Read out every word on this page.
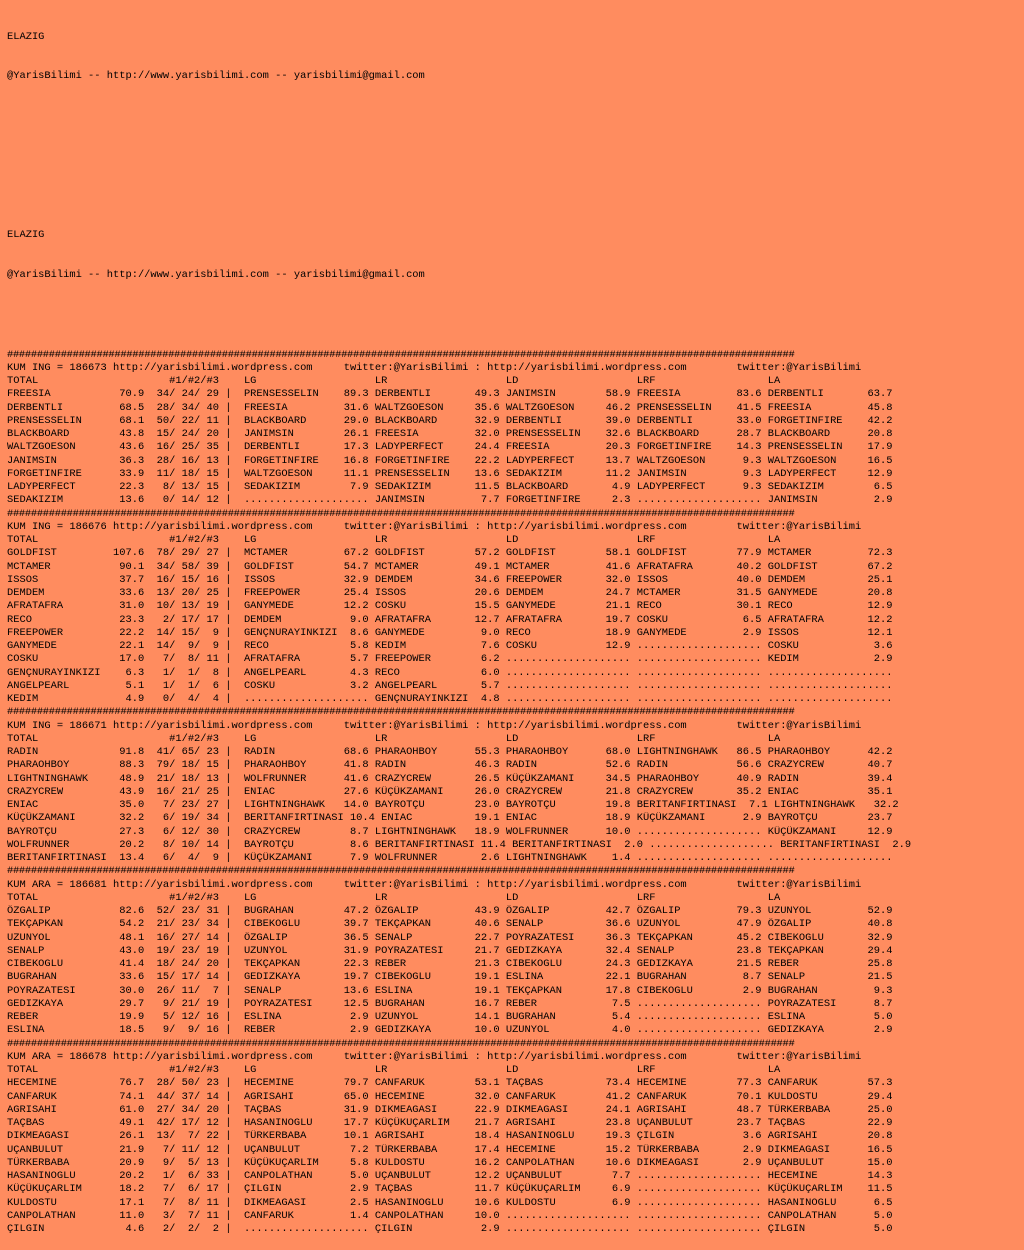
ELAZIG

@YarisBilimi -- http://www.yarisbilimi.com -- yarisbilimi@gmail.com

ELAZIG

@YarisBilimi -- http://www.yarisbilimi.com -- yarisbilimi@gmail.com

####################################################################################################################################
KUM ING = 186673 http://yarisbilimi.wordpress.com     twitter:@YarisBilimi : http://yarisbilimi.wordpress.com        twitter:@YarisBilimi
TOTAL                     #1/#2/#3    LG                   LR                   LD                   LRF                  LA
FREESIA           70.9  34/ 24/ 29 |  PRENSESSELIN    89.3 DERBENTLI       49.3 JANIMSIN        58.9 FREESIA         83.6 DERBENTLI       63.7
DERBENTLI         68.5  28/ 34/ 40 |  FREESIA         31.6 WALTZGOESON     35.6 WALTZGOESON     46.2 PRENSESSELIN    41.5 FREESIA         45.8
PRENSESSELIN      68.1  50/ 22/ 11 |  BLACKBOARD      29.0 BLACKBOARD      32.9 DERBENTLI       39.0 DERBENTLI       33.0 FORGETINFIRE    42.2
BLACKBOARD        43.8  15/ 24/ 20 |  JANIMSIN        26.1 FREESIA         32.0 PRENSESSELIN    32.6 BLACKBOARD      28.7 BLACKBOARD      20.8
WALTZGOESON       43.6  16/ 25/ 35 |  DERBENTLI       17.3 LADYPERFECT     24.4 FREESIA         20.3 FORGETINFIRE    14.3 PRENSESSELIN    17.9
JANIMSIN          36.3  28/ 16/ 13 |  FORGETINFIRE    16.8 FORGETINFIRE    22.2 LADYPERFECT     13.7 WALTZGOESON      9.3 WALTZGOESON     16.5
FORGETINFIRE      33.9  11/ 18/ 15 |  WALTZGOESON     11.1 PRENSESSELIN    13.6 SEDAKIZIM       11.2 JANIMSIN         9.3 LADYPERFECT     12.9
LADYPERFECT       22.3   8/ 13/ 15 |  SEDAKIZIM        7.9 SEDAKIZIM       11.5 BLACKBOARD       4.9 LADYPERFECT      9.3 SEDAKIZIM        6.5
SEDAKIZIM         13.6   0/ 14/ 12 |  .................... JANIMSIN         7.7 FORGETINFIRE     2.3 .................... JANIMSIN         2.9
####################################################################################################################################
KUM ING = 186676 http://yarisbilimi.wordpress.com     twitter:@YarisBilimi : http://yarisbilimi.wordpress.com        twitter:@YarisBilimi
TOTAL                     #1/#2/#3    LG                   LR                   LD                   LRF                  LA
GOLDFIST         107.6  78/ 29/ 27 |  MCTAMER         67.2 GOLDFIST        57.2 GOLDFIST        58.1 GOLDFIST        77.9 MCTAMER         72.3
MCTAMER           90.1  34/ 58/ 39 |  GOLDFIST        54.7 MCTAMER         49.1 MCTAMER         41.6 AFRATAFRA       40.2 GOLDFIST        67.2
ISSOS             37.7  16/ 15/ 16 |  ISSOS           32.9 DEMDEM          34.6 FREEPOWER       32.0 ISSOS           40.0 DEMDEM          25.1
DEMDEM            33.6  13/ 20/ 25 |  FREEPOWER       25.4 ISSOS           20.6 DEMDEM          24.7 MCTAMER         31.5 GANYMEDE        20.8
AFRATAFRA         31.0  10/ 13/ 19 |  GANYMEDE        12.2 COSKU           15.5 GANYMEDE        21.1 RECO            30.1 RECO            12.9
RECO              23.3   2/ 17/ 17 |  DEMDEM           9.0 AFRATAFRA       12.7 AFRATAFRA       19.7 COSKU            6.5 AFRATAFRA       12.2
FREEPOWER         22.2  14/ 15/  9 |  GENÇNURAYINKIZI  8.6 GANYMEDE         9.0 RECO            18.9 GANYMEDE         2.9 ISSOS           12.1
GANYMEDE          22.1  14/  9/  9 |  RECO             5.8 KEDIM            7.6 COSKU           12.9 .................... COSKU            3.6
COSKU             17.0   7/  8/ 11 |  AFRATAFRA        5.7 FREEPOWER        6.2 .................... .................... KEDIM            2.9
GENÇNURAYINKIZI    6.3   1/  1/  8 |  ANGELPEARL       4.3 RECO             6.0 .................... .................... ....................
ANGELPEARL         5.1   1/  1/  6 |  COSKU            3.2 ANGELPEARL       5.7 .................... .................... ....................
KEDIM              4.9   0/  4/  4 |  .................... GENÇNURAYINKIZI  4.8 .................... .................... ....................
####################################################################################################################################
KUM ING = 186671 http://yarisbilimi.wordpress.com     twitter:@YarisBilimi : http://yarisbilimi.wordpress.com        twitter:@YarisBilimi
TOTAL                     #1/#2/#3    LG                   LR                   LD                   LRF                  LA
RADIN             91.8  41/ 65/ 23 |  RADIN           68.6 PHARAOHBOY      55.3 PHARAOHBOY      68.0 LIGHTNINGHAWK   86.5 PHARAOHBOY      42.2
PHARAOHBOY        88.3  79/ 18/ 15 |  PHARAOHBOY      41.8 RADIN           46.3 RADIN           52.6 RADIN           56.6 CRAZYCREW       40.7
LIGHTNINGHAWK     48.9  21/ 18/ 13 |  WOLFRUNNER      41.6 CRAZYCREW       26.5 KÜÇÜKZAMANI     34.5 PHARAOHBOY      40.9 RADIN           39.4
CRAZYCREW         43.9  16/ 21/ 25 |  ENIAC           27.6 KÜÇÜKZAMANI     26.0 CRAZYCREW       21.8 CRAZYCREW       35.2 ENIAC           35.1
ENIAC             35.0   7/ 23/ 27 |  LIGHTNINGHAWK   14.0 BAYROTÇU        23.0 BAYROTÇU        19.8 BERITANFIRTINASI  7.1 LIGHTNINGHAWK   32.2
KÜÇÜKZAMANI       32.2   6/ 19/ 34 |  BERITANFIRTINASI 10.4 ENIAC          19.1 ENIAC           18.9 KÜÇÜKZAMANI      2.9 BAYROTÇU        23.7
BAYROTÇU          27.3   6/ 12/ 30 |  CRAZYCREW        8.7 LIGHTNINGHAWK   18.9 WOLFRUNNER      10.0 .................... KÜÇÜKZAMANI     12.9
WOLFRUNNER        20.2   8/ 10/ 14 |  BAYROTÇU         8.6 BERITANFIRTINASI 11.4 BERITANFIRTINASI  2.0 .................... BERITANFIRTINASI  2.9
BERITANFIRTINASI  13.4   6/  4/  9 |  KÜÇÜKZAMANI      7.9 WOLFRUNNER       2.6 LIGHTNINGHAWK    1.4 .................... ....................
####################################################################################################################################
KUM ARA = 186681 http://yarisbilimi.wordpress.com     twitter:@YarisBilimi : http://yarisbilimi.wordpress.com        twitter:@YarisBilimi
TOTAL                     #1/#2/#3    LG                   LR                   LD                   LRF                  LA
ÖZGALIP           82.6  52/ 23/ 31 |  BUGRAHAN        47.2 ÖZGALIP         43.9 ÖZGALIP         42.7 ÖZGALIP         79.3 UZUNYOL         52.9
TEKÇAPKAN         54.2  21/ 23/ 34 |  CIBEKOGLU       39.7 TEKÇAPKAN       40.6 SENALP          36.6 UZUNYOL         47.9 ÖZGALIP         40.8
UZUNYOL           48.1  16/ 27/ 14 |  ÖZGALIP         36.5 SENALP          22.7 POYRAZATESI     36.3 TEKÇAPKAN       45.2 CIBEKOGLU       32.9
SENALP            43.0  19/ 23/ 19 |  UZUNYOL         31.9 POYRAZATESI     21.7 GEDIZKAYA       32.4 SENALP          23.8 TEKÇAPKAN       29.4
CIBEKOGLU         41.4  18/ 24/ 20 |  TEKÇAPKAN       22.3 REBER           21.3 CIBEKOGLU       24.3 GEDIZKAYA       21.5 REBER           25.8
BUGRAHAN          33.6  15/ 17/ 14 |  GEDIZKAYA       19.7 CIBEKOGLU       19.1 ESLINA          22.1 BUGRAHAN         8.7 SENALP          21.5
POYRAZATESI       30.0  26/ 11/  7 |  SENALP          13.6 ESLINA          19.1 TEKÇAPKAN       17.8 CIBEKOGLU        2.9 BUGRAHAN         9.3
GEDIZKAYA         29.7   9/ 21/ 19 |  POYRAZATESI     12.5 BUGRAHAN        16.7 REBER            7.5 .................... POYRAZATESI      8.7
REBER             19.9   5/ 12/ 16 |  ESLINA           2.9 UZUNYOL         14.1 BUGRAHAN         5.4 .................... ESLINA           5.0
ESLINA            18.5   9/  9/ 16 |  REBER            2.9 GEDIZKAYA       10.0 UZUNYOL          4.0 .................... GEDIZKAYA        2.9
####################################################################################################################################
KUM ARA = 186678 http://yarisbilimi.wordpress.com     twitter:@YarisBilimi : http://yarisbilimi.wordpress.com        twitter:@YarisBilimi
TOTAL                     #1/#2/#3    LG                   LR                   LD                   LRF                  LA
HECEMINE          76.7  28/ 50/ 23 |  HECEMINE        79.7 CANFARUK        53.1 TAÇBAS          73.4 HECEMINE        77.3 CANFARUK        57.3
CANFARUK          74.1  44/ 37/ 14 |  AGRISAHI        65.0 HECEMINE        32.0 CANFARUK        41.2 CANFARUK        70.1 KULDOSTU        29.4
AGRISAHI          61.0  27/ 34/ 20 |  TAÇBAS          31.9 DIKMEAGASI      22.9 DIKMEAGASI      24.1 AGRISAHI        48.7 TÜRKERBABA      25.0
TAÇBAS            49.1  42/ 17/ 12 |  HASANINOGLU     17.7 KÜÇÜKUÇARLIM    21.7 AGRISAHI        23.8 UÇANBULUT       23.7 TAÇBAS          22.9
DIKMEAGASI        26.1  13/  7/ 22 |  TÜRKERBABA      10.1 AGRISAHI        18.4 HASANINOGLU     19.3 ÇILGIN           3.6 AGRISAHI        20.8
UÇANBULUT         21.9   7/ 11/ 12 |  UÇANBULUT        7.2 TÜRKERBABA      17.4 HECEMINE        15.2 TÜRKERBABA       2.9 DIKMEAGASI      16.5
TÜRKERBABA        20.9   9/  5/ 13 |  KÜÇÜKUÇARLIM     5.8 KULDOSTU        16.2 CANPOLATHAN     10.6 DIKMEAGASI       2.9 UÇANBULUT       15.0
HASANINOGLU       20.2   1/  6/ 33 |  CANPOLATHAN      5.0 UÇANBULUT       12.2 UÇANBULUT        7.7 .................... HECEMINE        14.3
KÜÇÜKUÇARLIM      18.2   7/  6/ 17 |  ÇILGIN           2.9 TAÇBAS          11.7 KÜÇÜKUÇARLIM     6.9 .................... KÜÇÜKUÇARLIM    11.5
KULDOSTU          17.1   7/  8/ 11 |  DIKMEAGASI       2.5 HASANINOGLU     10.6 KULDOSTU         6.9 .................... HASANINOGLU      6.5
CANPOLATHAN       11.0   3/  7/ 11 |  CANFARUK         1.4 CANPOLATHAN     10.0 .................... .................... CANPOLATHAN      5.0
ÇILGIN             4.6   2/  2/  2 |  .................... ÇILGIN           2.9 .................... .................... ÇILGIN           5.0
